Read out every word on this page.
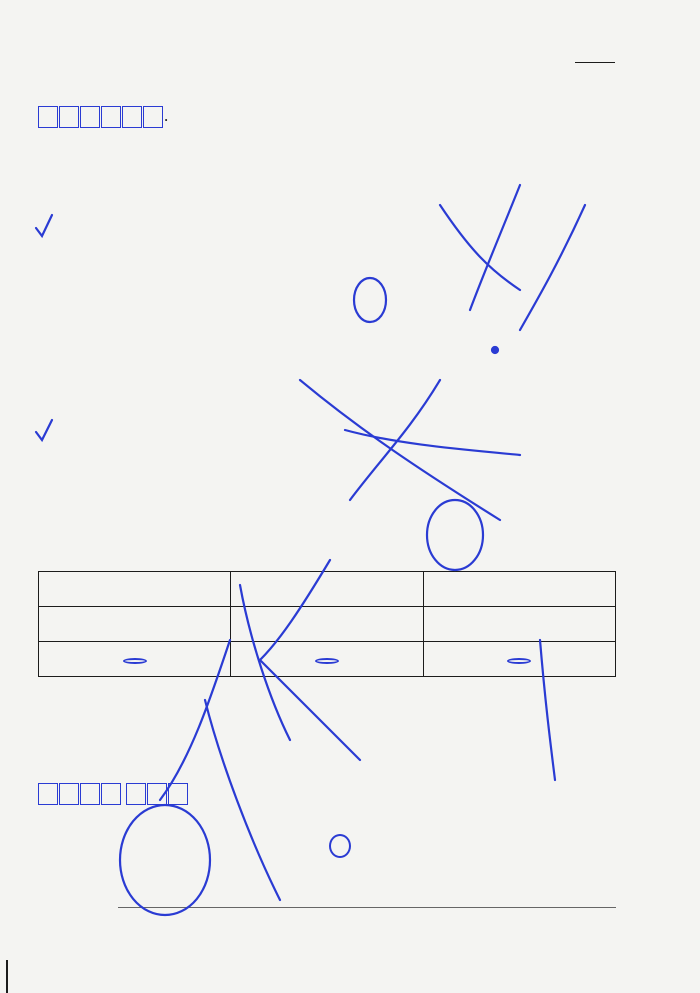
.
